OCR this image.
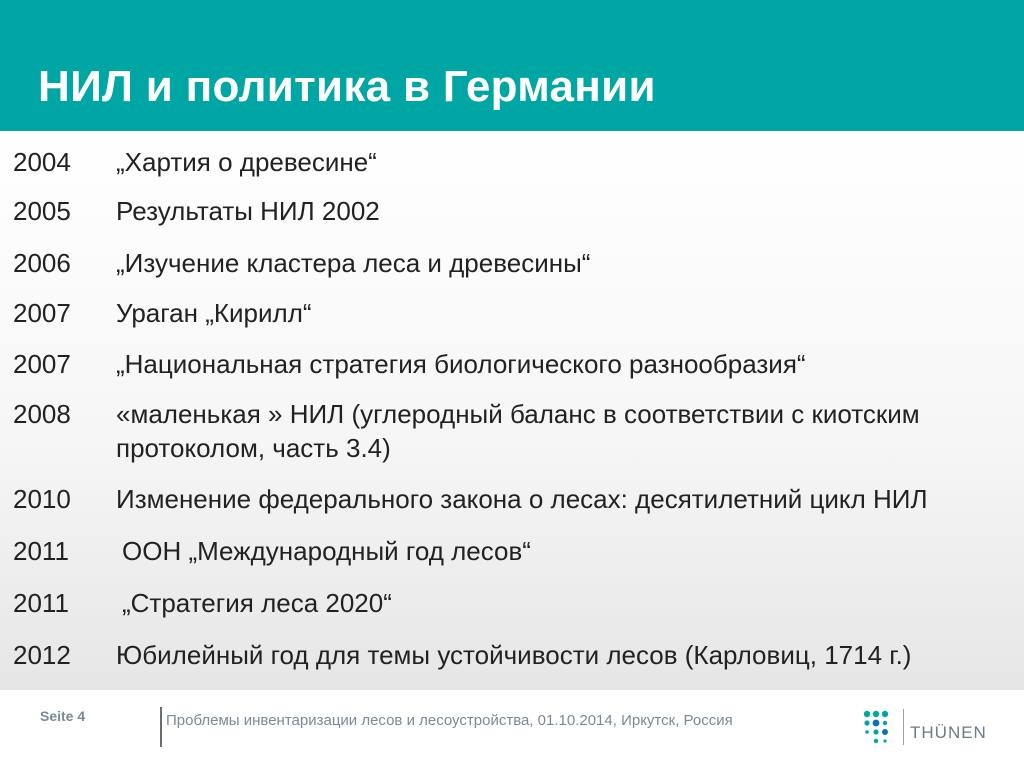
НИЛ и политика в Германии
2004 „Хартия о древесине“
2005 Результаты НИЛ 2002
2006 „Изучение кластера леса и древесины“
2007 Ураган „Кирилл“
2007 „Национальная стратегия биологического разнообразия“
2008 «маленькая » НИЛ (углеродный баланс в соответствии с киотским протоколом, часть 3.4)
2010 Изменение федерального закона о лесах: десятилетний цикл НИЛ
2011 ООН „Международный год лесов“
2011 „Стратегия леса 2020“
2012 Юбилейный год для темы устойчивости лесов (Карловиц, 1714 г.)
Seite 4	Проблемы инвентаризации лесов и лесоустройства, 01.10.2014, Иркутск, Россия
THÜNEN
